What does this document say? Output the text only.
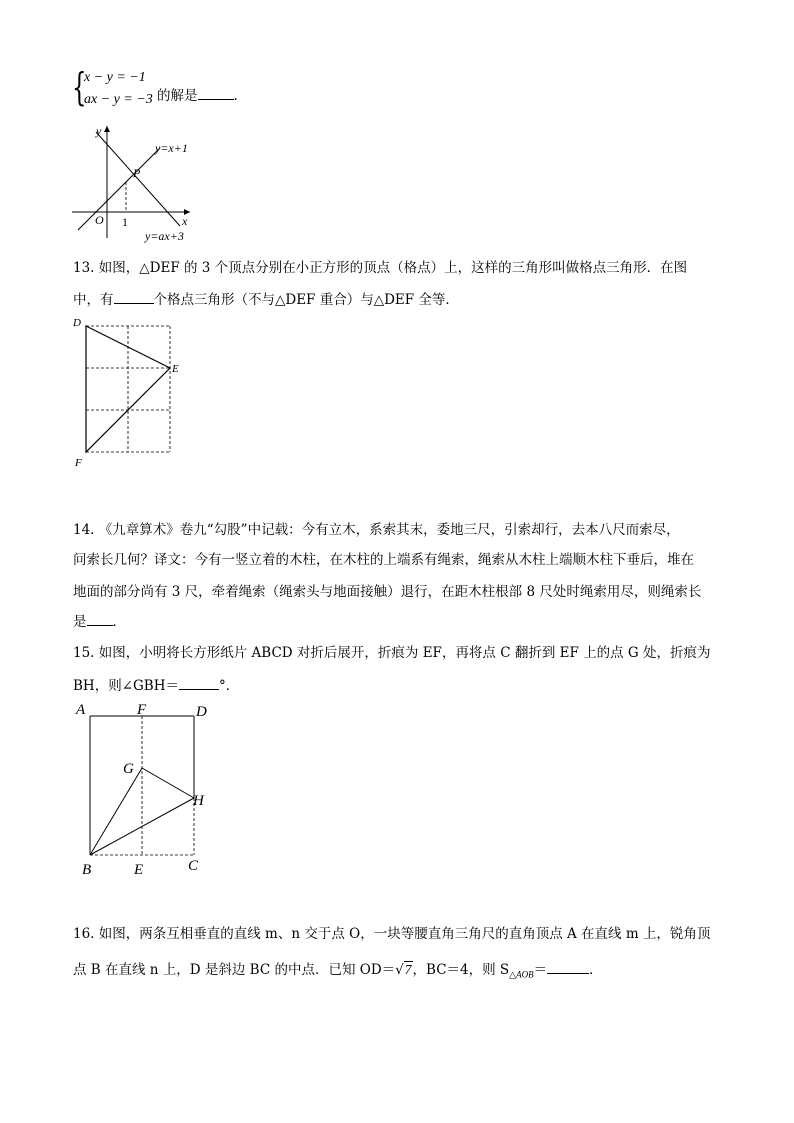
{
x − y = −1
ax − y = −3 的解是	.
y
x
O 1
P
y=x+1
y=ax+3
13. 如图，△DEF 的 3 个顶点分别在小正方形的顶点（格点）上，这样的三角形叫做格点三角形．在图
中，有	个格点三角形（不与△DEF 重合）与△DEF 全等．
D
E
F
14. 《九章算术》卷九“勾股”中记载：今有立木，系索其末，委地三尺，引索却行，去本八尺而索尽，
问索长几何？译文：今有一竖立着的木柱，在木柱的上端系有绳索，绳索从木柱上端顺木柱下垂后，堆在
地面的部分尚有 3 尺，牵着绳索（绳索头与地面接触）退行，在距木柱根部 8 尺处时绳索用尽，则绳索长
是 ．
15. 如图，小明将长方形纸片 ABCD 对折后展开，折痕为 EF，再将点 C 翻折到 EF 上的点 G 处，折痕为
BH，则∠GBH＝	°．
A	F	D
G
H
B	E	C
16. 如图，两条互相垂直的直线 m、n 交于点 O，一块等腰直角三角尺的直角顶点 A 在直线 m 上，锐角顶
点 B 在直线 n 上，D 是斜边 BC 的中点．已知 OD＝√7，BC＝4，则 $S_{\triangle AOB}=$	．
